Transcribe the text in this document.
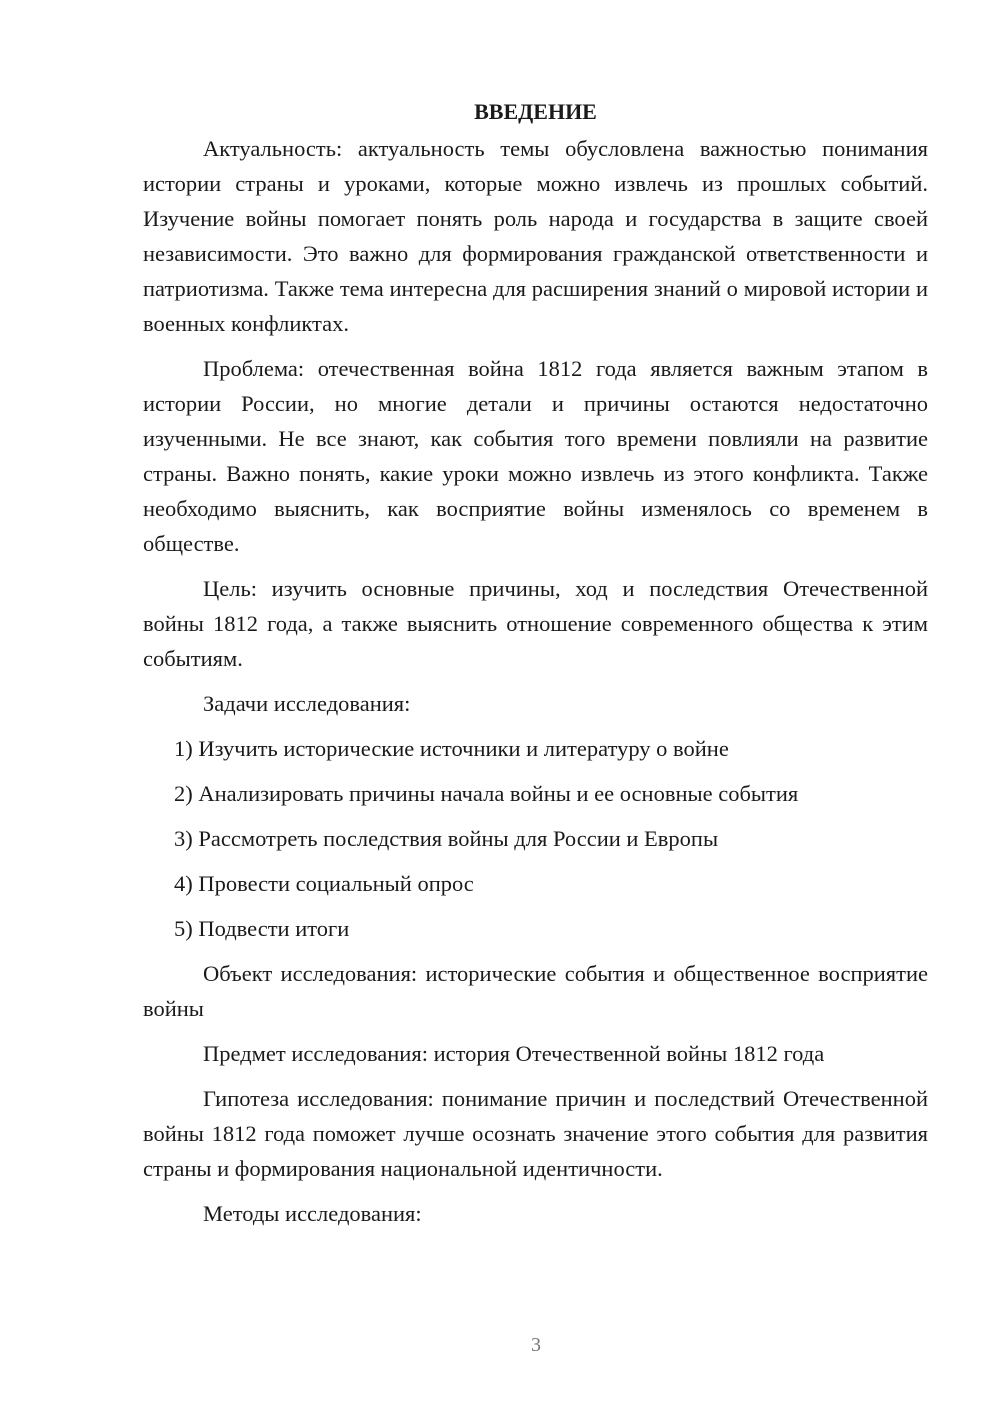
ВВЕДЕНИЕ

Актуальность: актуальность темы обусловлена важностью понимания истории страны и уроками, которые можно извлечь из прошлых событий. Изучение войны помогает понять роль народа и государства в защите своей независимости. Это важно для формирования гражданской ответственности и патриотизма. Также тема интересна для расширения знаний о мировой истории и военных конфликтах.

Проблема: отечественная война 1812 года является важным этапом в истории России, но многие детали и причины остаются недостаточно изученными. Не все знают, как события того времени повлияли на развитие страны. Важно понять, какие уроки можно извлечь из этого конфликта. Также необходимо выяснить, как восприятие войны изменялось со временем в обществе.

Цель: изучить основные причины, ход и последствия Отечественной войны 1812 года, а также выяснить отношение современного общества к этим событиям.

Задачи исследования:

1) Изучить исторические источники и литературу о войне
2) Анализировать причины начала войны и ее основные события
3) Рассмотреть последствия войны для России и Европы
4) Провести социальный опрос
5) Подвести итоги

Объект исследования: исторические события и общественное восприятие войны

Предмет исследования: история Отечественной войны 1812 года

Гипотеза исследования: понимание причин и последствий Отечественной войны 1812 года поможет лучше осознать значение этого события для развития страны и формирования национальной идентичности.

Методы исследования:

3
